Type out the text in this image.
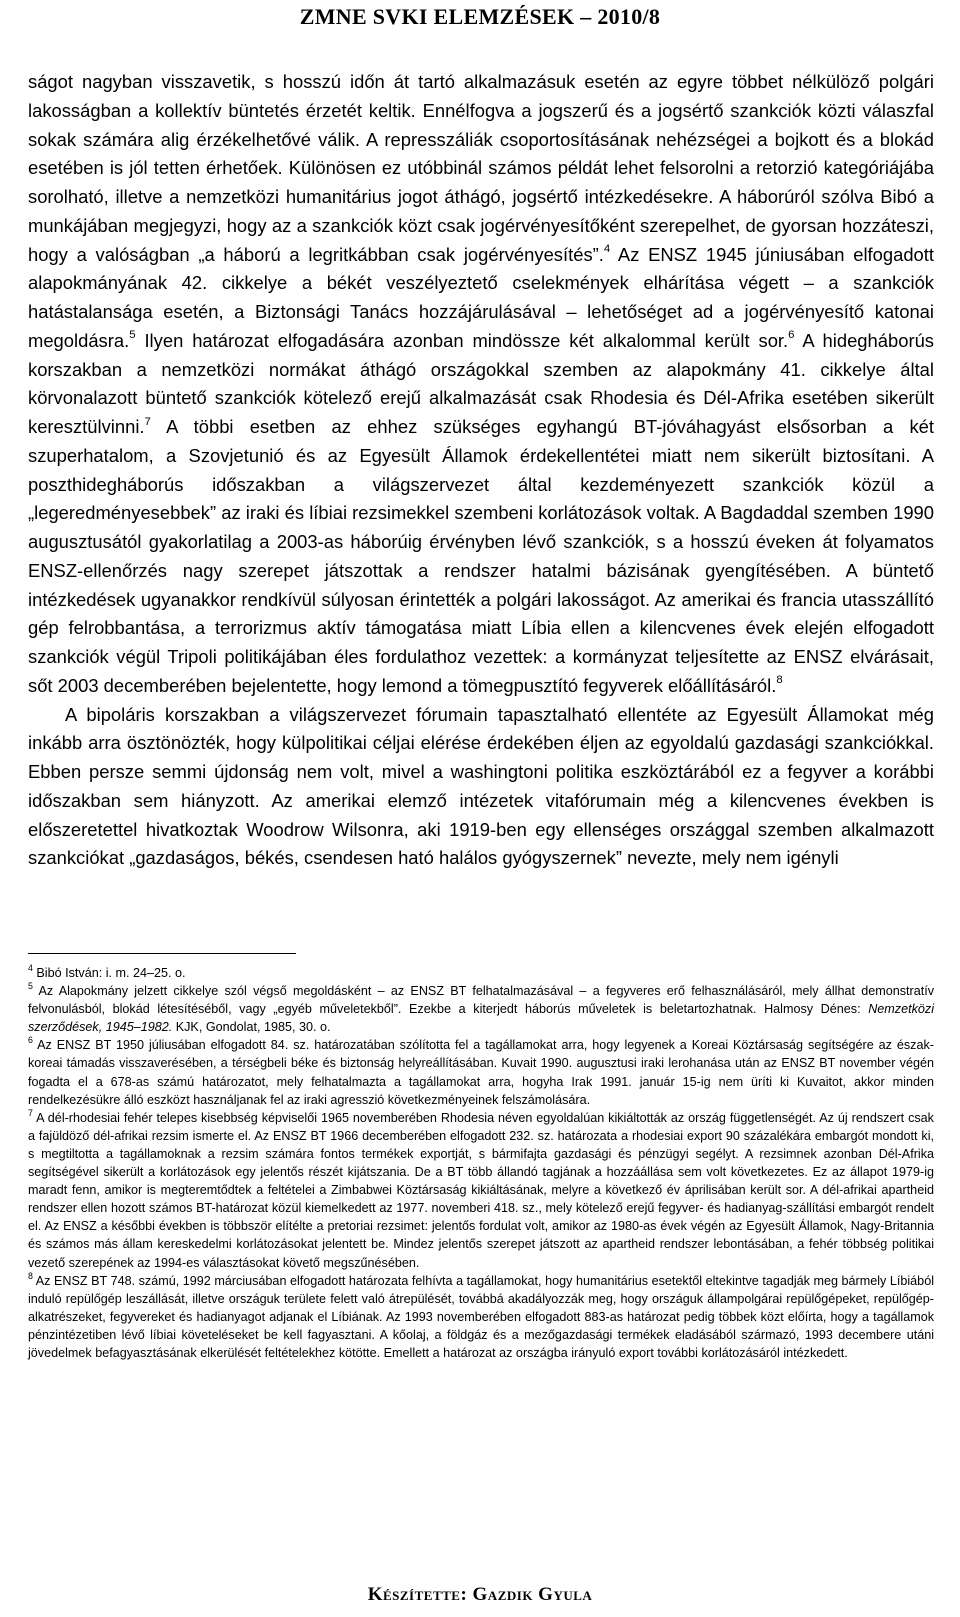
ZMNE SVKI ELEMZÉSEK – 2010/8

ságot nagyban visszavetik, s hosszú időn át tartó alkalmazásuk esetén az egyre többet nélkülöző polgári lakosságban a kollektív büntetés érzetét keltik. Ennélfogva a jogszerű és a jogsértő szankciók közti válaszfal sokak számára alig érzékelhetővé válik. A represszáliák csoportosításának nehézségei a bojkott és a blokád esetében is jól tetten érhetőek. Különösen ez utóbbinál számos példát lehet felsorolni a retorzió kategóriájába sorolható, illetve a nemzetközi humanitárius jogot áthágó, jogsértő intézkedésekre. A háborúról szólva Bibó a munkájában megjegyzi, hogy az a szankciók közt csak jogérvényesítőként szerepelhet, de gyorsan hozzáteszi, hogy a valóságban „a háború a legritkábban csak jogérvényesítés”.$^4$ Az ENSZ 1945 júniusában elfogadott alapokmányának 42. cikkelye a békét veszélyeztető cselekmények elhárítása végett – a szankciók hatástalansága esetén, a Biztonsági Tanács hozzájárulásával – lehetőséget ad a jogérvényesítő katonai megoldásra.$^5$ Ilyen határozat elfogadására azonban mindössze két alkalommal került sor.$^6$ A hidegháborús korszakban a nemzetközi normákat áthágó országokkal szemben az alapokmány 41. cikkelye által körvonalazott büntető szankciók kötelező erejű alkalmazását csak Rhodesia és Dél-Afrika esetében sikerült keresztülvinni.$^7$ A többi esetben az ehhez szükséges egyhangú BT-jóváhagyást elsősorban a két szuperhatalom, a Szovjetunió és az Egyesült Államok érdekellentétei miatt nem sikerült biztosítani. A poszthidegháborús időszakban a világszervezet által kezdeményezett szankciók közül a „legeredményesebbek” az iraki és líbiai rezsimekkel szembeni korlátozások voltak. A Bagdaddal szemben 1990 augusztusától gyakorlatilag a 2003-as háborúig érvényben lévő szankciók, s a hosszú éveken át folyamatos ENSZ-ellenőrzés nagy szerepet játszottak a rendszer hatalmi bázisának gyengítésében. A büntető intézkedések ugyanakkor rendkívül súlyosan érintették a polgári lakosságot. Az amerikai és francia utasszállító gép felrobbantása, a terrorizmus aktív támogatása miatt Líbia ellen a kilencvenes évek elején elfogadott szankciók végül Tripoli politikájában éles fordulathoz vezettek: a kormányzat teljesítette az ENSZ elvárásait, sőt 2003 decemberében bejelentette, hogy lemond a tömegpusztító fegyverek előállításáról.$^8$

A bipoláris korszakban a világszervezet fórumain tapasztalható ellentéte az Egyesült Államokat még inkább arra ösztönözték, hogy külpolitikai céljai elérése érdekében éljen az egyoldalú gazdasági szankciókkal. Ebben persze semmi újdonság nem volt, mivel a washingtoni politika eszköztárából ez a fegyver a korábbi időszakban sem hiányzott. Az amerikai elemző intézetek vitafórumain még a kilencvenes években is előszeretettel hivatkoztak Woodrow Wilsonra, aki 1919-ben egy ellenséges országgal szemben alkalmazott szankciókat „gazdaságos, békés, csendesen ható halálos gyógyszernek” nevezte, mely nem igényli

$^4$ Bibó István: i. m. 24–25. o.

$^5$ Az Alapokmány jelzett cikkelye szól végső megoldásként – az ENSZ BT felhatalmazásával – a fegyveres erő felhasználásáról, mely állhat demonstratív felvonulásból, blokád létesítéséből, vagy „egyéb műveletekből”. Ezekbe a kiterjedt háborús műveletek is beletartozhatnak. Halmosy Dénes: Nemzetközi szerződések, 1945–1982. KJK, Gondolat, 1985, 30. o.

$^6$ Az ENSZ BT 1950 júliusában elfogadott 84. sz. határozatában szólította fel a tagállamokat arra, hogy legyenek a Koreai Köztársaság segítségére az észak-koreai támadás visszaverésében, a térségbeli béke és biztonság helyreállításában. Kuvait 1990. augusztusi iraki lerohanása után az ENSZ BT november végén fogadta el a 678-as számú határozatot, mely felhatalmazta a tagállamokat arra, hogyha Irak 1991. január 15-ig nem üríti ki Kuvaitot, akkor minden rendelkezésükre álló eszközt használjanak fel az iraki agresszió következményeinek felszámolására.

$^7$ A dél-rhodesiai fehér telepes kisebbség képviselői 1965 novemberében Rhodesia néven egyoldalúan kikiáltották az ország függetlenségét. Az új rendszert csak a fajüldöző dél-afrikai rezsim ismerte el. Az ENSZ BT 1966 decemberében elfogadott 232. sz. határozata a rhodesiai export 90 százalékára embargót mondott ki, s megtiltotta a tagállamoknak a rezsim számára fontos termékek exportját, s bármifajta gazdasági és pénzügyi segélyt. A rezsimnek azonban Dél-Afrika segítségével sikerült a korlátozások egy jelentős részét kijátszania. De a BT több állandó tagjának a hozzáállása sem volt következetes. Ez az állapot 1979-ig maradt fenn, amikor is megteremtődtek a feltételei a Zimbabwei Köztársaság kikiáltásának, melyre a következő év áprilisában került sor. A dél-afrikai apartheid rendszer ellen hozott számos BT-határozat közül kiemelkedett az 1977. novemberi 418. sz., mely kötelező erejű fegyver- és hadianyag-szállítási embargót rendelt el. Az ENSZ a későbbi években is többször elítélte a pretoriai rezsimet: jelentős fordulat volt, amikor az 1980-as évek végén az Egyesült Államok, Nagy-Britannia és számos más állam kereskedelmi korlátozásokat jelentett be. Mindez jelentős szerepet játszott az apartheid rendszer lebontásában, a fehér többség politikai vezető szerepének az 1994-es választásokat követő megszűnésében.

$^8$ Az ENSZ BT 748. számú, 1992 márciusában elfogadott határozata felhívta a tagállamokat, hogy humanitárius esetektől eltekintve tagadják meg bármely Líbiából induló repülőgép leszállását, illetve országuk területe felett való átrepülését, továbbá akadályozzák meg, hogy országuk állampolgárai repülőgépeket, repülőgép-alkatrészeket, fegyvereket és hadianyagot adjanak el Líbiának. Az 1993 novemberében elfogadott 883-as határozat pedig többek közt előírta, hogy a tagállamok pénzintézetiben lévő líbiai követeléseket be kell fagyasztani. A kőolaj, a földgáz és a mezőgazdasági termékek eladásából származó, 1993 decembere utáni jövedelmek befagyasztásának elkerülését feltételekhez kötötte. Emellett a határozat az országba irányuló export további korlátozásáról intézkedett.

Készítette: Gazdik Gyula
